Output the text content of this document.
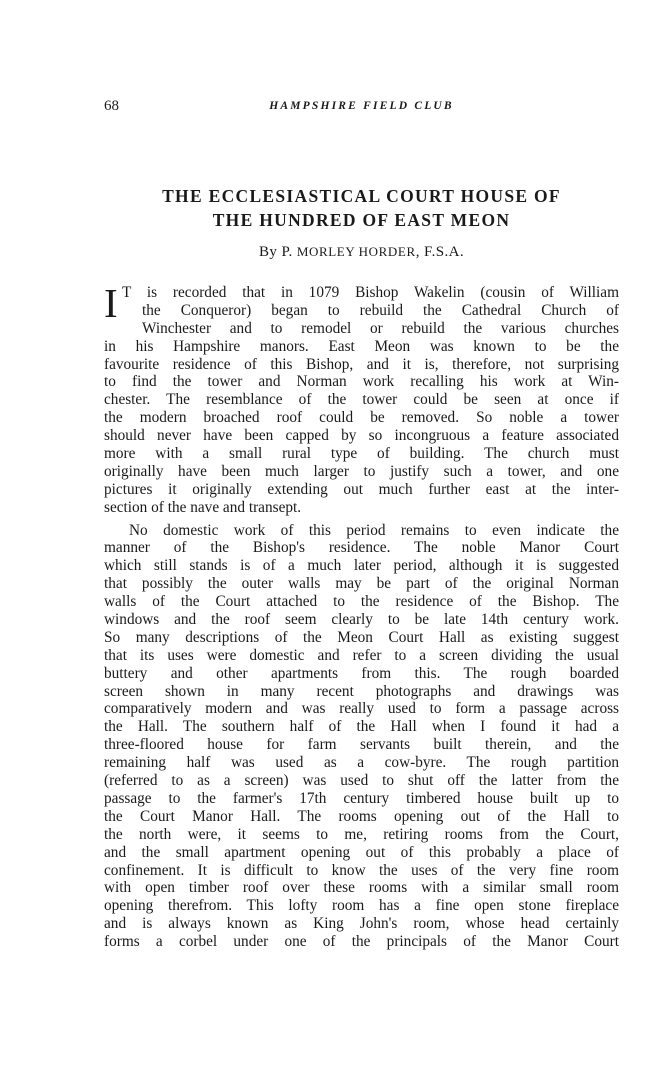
68	HAMPSHIRE FIELD CLUB
THE ECCLESIASTICAL COURT HOUSE OF
THE HUNDRED OF EAST MEON
By P. MORLEY HORDER, F.S.A.
I T is recorded that in 1079 Bishop Wakelin (cousin of William
the Conqueror) began to rebuild the Cathedral Church of
Winchester and to remodel or rebuild the various churches
in his Hampshire manors. East Meon was known to be the
favourite residence of this Bishop, and it is, therefore, not surprising
to find the tower and Norman work recalling his work at Win-
chester. The resemblance of the tower could be seen at once if
the modern broached roof could be removed. So noble a tower
should never have been capped by so incongruous a feature associated
more with a small rural type of building. The church must
originally have been much larger to justify such a tower, and one
pictures it originally extending out much further east at the inter-
section of the nave and transept.
No domestic work of this period remains to even indicate the
manner of the Bishop's residence. The noble Manor Court
which still stands is of a much later period, although it is suggested
that possibly the outer walls may be part of the original Norman
walls of the Court attached to the residence of the Bishop. The
windows and the roof seem clearly to be late 14th century work.
So many descriptions of the Meon Court Hall as existing suggest
that its uses were domestic and refer to a screen dividing the usual
buttery and other apartments from this. The rough boarded
screen shown in many recent photographs and drawings was
comparatively modern and was really used to form a passage across
the Hall. The southern half of the Hall when I found it had a
three-floored house for farm servants built therein, and the
remaining half was used as a cow-byre. The rough partition
(referred to as a screen) was used to shut off the latter from the
passage to the farmer's 17th century timbered house built up to
the Court Manor Hall. The rooms opening out of the Hall to
the north were, it seems to me, retiring rooms from the Court,
and the small apartment opening out of this probably a place of
confinement. It is difficult to know the uses of the very fine room
with open timber roof over these rooms with a similar small room
opening therefrom. This lofty room has a fine open stone fireplace
and is always known as King John's room, whose head certainly
forms a corbel under one of the principals of the Manor Court
